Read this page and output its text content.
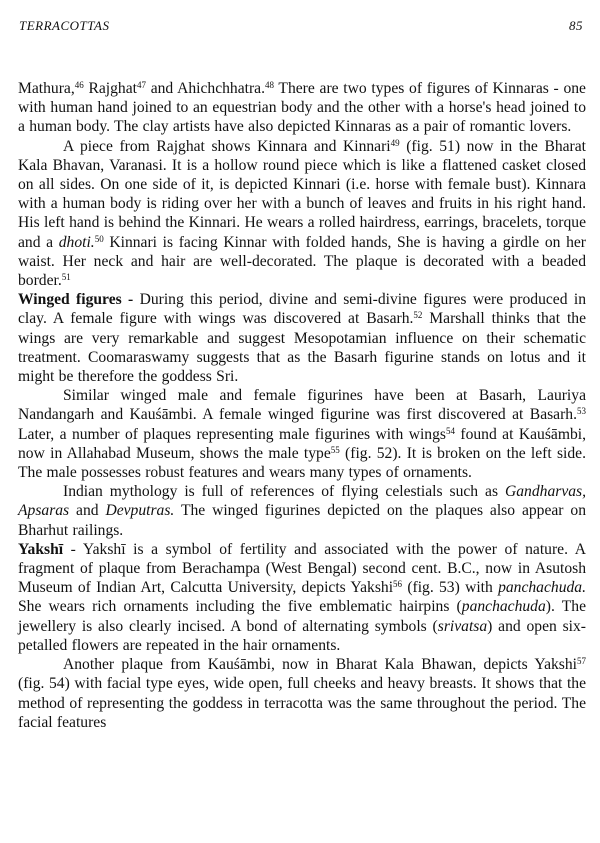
TERRACOTTAS	85

Mathura,$^{46}$ Rajghat$^{47}$ and Ahichchhatra.$^{48}$ There are two types of figures of Kinnaras - one with human hand joined to an equestrian body and the other with a horse's head joined to a human body. The clay artists have also depicted Kinnaras as a pair of romantic lovers.

A piece from Rajghat shows Kinnara and Kinnari$^{49}$ (fig. 51) now in the Bharat Kala Bhavan, Varanasi. It is a hollow round piece which is like a flattened casket closed on all sides. On one side of it, is depicted Kinnari (i.e. horse with female bust). Kinnara with a human body is riding over her with a bunch of leaves and fruits in his right hand. His left hand is behind the Kinnari. He wears a rolled hairdress, earrings, bracelets, torque and a dhoti.$^{50}$ Kinnari is facing Kinnar with folded hands, She is having a girdle on her waist. Her neck and hair are well-decorated. The plaque is decorated with a beaded border.$^{51}$

Winged figures - During this period, divine and semi-divine figures were produced in clay. A female figure with wings was discovered at Basarh.$^{52}$ Marshall thinks that the wings are very remarkable and suggest Mesopotamian influence on their schematic treatment. Coomaraswamy suggests that as the Basarh figurine stands on lotus and it might be therefore the goddess Sri.

Similar winged male and female figurines have been at Basarh, Lauriya Nandangarh and Kauśāmbi. A female winged figurine was first discovered at Basarh.$^{53}$ Later, a number of plaques representing male figurines with wings$^{54}$ found at Kauśāmbi, now in Allahabad Museum, shows the male type$^{55}$ (fig. 52). It is broken on the left side. The male possesses robust features and wears many types of ornaments.

Indian mythology is full of references of flying celestials such as Gandharvas, Apsaras and Devputras. The winged figurines depicted on the plaques also appear on Bharhut railings.

Yakshī - Yakshī is a symbol of fertility and associated with the power of nature. A fragment of plaque from Berachampa (West Bengal) second cent. B.C., now in Asutosh Museum of Indian Art, Calcutta University, depicts Yakshi$^{56}$ (fig. 53) with panchachuda. She wears rich ornaments including the five emblematic hairpins (panchachuda). The jewellery is also clearly incised. A bond of alternating symbols (srivatsa) and open six-petalled flowers are repeated in the hair ornaments.

Another plaque from Kauśāmbi, now in Bharat Kala Bhawan, depicts Yakshi$^{57}$ (fig. 54) with facial type eyes, wide open, full cheeks and heavy breasts. It shows that the method of representing the goddess in terracotta was the same throughout the period. The facial features
